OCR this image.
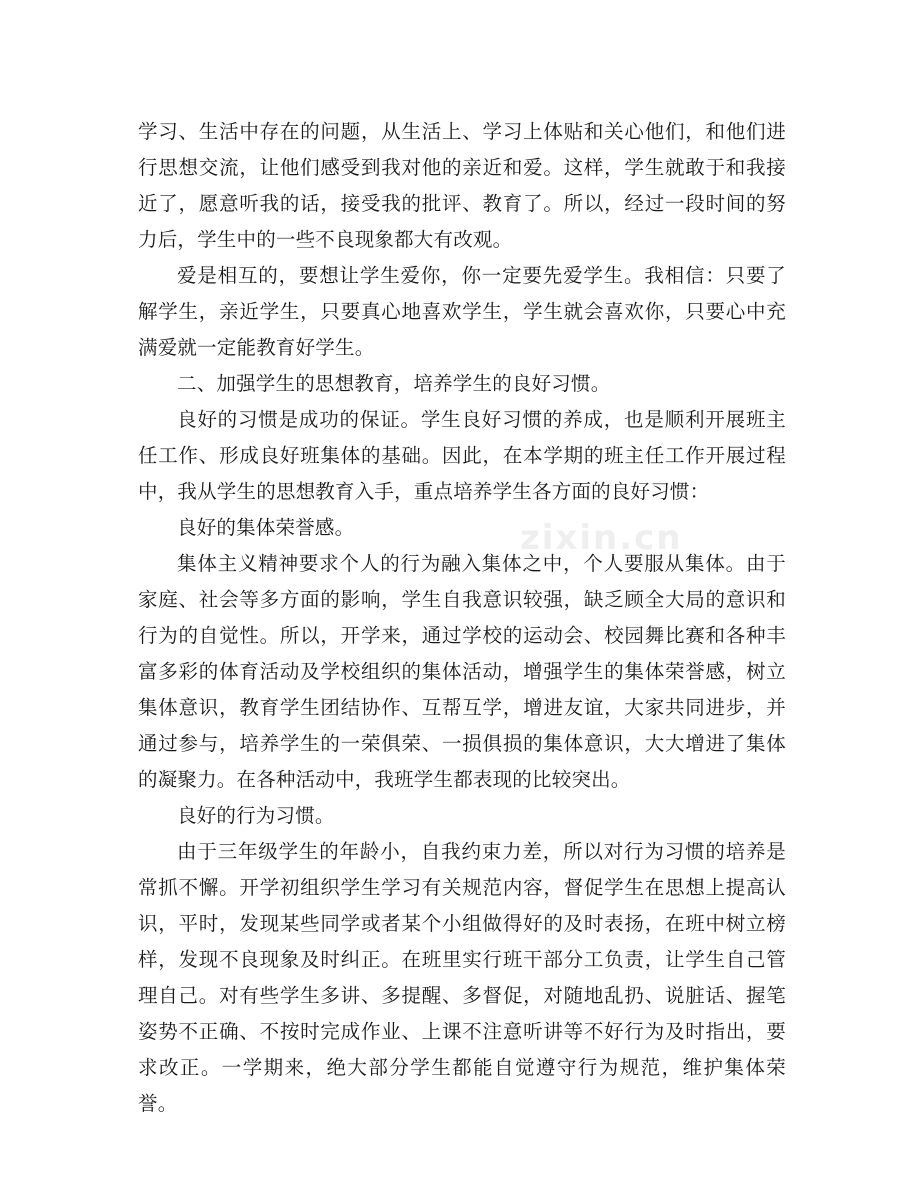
学习、生活中存在的问题，从生活上、学习上体贴和关心他们，和他们进行思想交流，让他们感受到我对他的亲近和爱。这样，学生就敢于和我接近了，愿意听我的话，接受我的批评、教育了。所以，经过一段时间的努力后，学生中的一些不良现象都大有改观。

爱是相互的，要想让学生爱你，你一定要先爱学生。我相信：只要了解学生，亲近学生，只要真心地喜欢学生，学生就会喜欢你，只要心中充满爱就一定能教育好学生。

二、加强学生的思想教育，培养学生的良好习惯。

良好的习惯是成功的保证。学生良好习惯的养成，也是顺利开展班主任工作、形成良好班集体的基础。因此，在本学期的班主任工作开展过程中，我从学生的思想教育入手，重点培养学生各方面的良好习惯：

良好的集体荣誉感。

集体主义精神要求个人的行为融入集体之中，个人要服从集体。由于家庭、社会等多方面的影响，学生自我意识较强，缺乏顾全大局的意识和行为的自觉性。所以，开学来，通过学校的运动会、校园舞比赛和各种丰富多彩的体育活动及学校组织的集体活动，增强学生的集体荣誉感，树立集体意识，教育学生团结协作、互帮互学，增进友谊，大家共同进步，并通过参与，培养学生的一荣俱荣、一损俱损的集体意识，大大增进了集体的凝聚力。在各种活动中，我班学生都表现的比较突出。

良好的行为习惯。

由于三年级学生的年龄小，自我约束力差，所以对行为习惯的培养是常抓不懈。开学初组织学生学习有关规范内容，督促学生在思想上提高认识，平时，发现某些同学或者某个小组做得好的及时表扬，在班中树立榜样，发现不良现象及时纠正。在班里实行班干部分工负责，让学生自己管理自己。对有些学生多讲、多提醒、多督促，对随地乱扔、说脏话、握笔姿势不正确、不按时完成作业、上课不注意听讲等不好行为及时指出，要求改正。一学期来，绝大部分学生都能自觉遵守行为规范，维护集体荣誉。

zixin.cn
